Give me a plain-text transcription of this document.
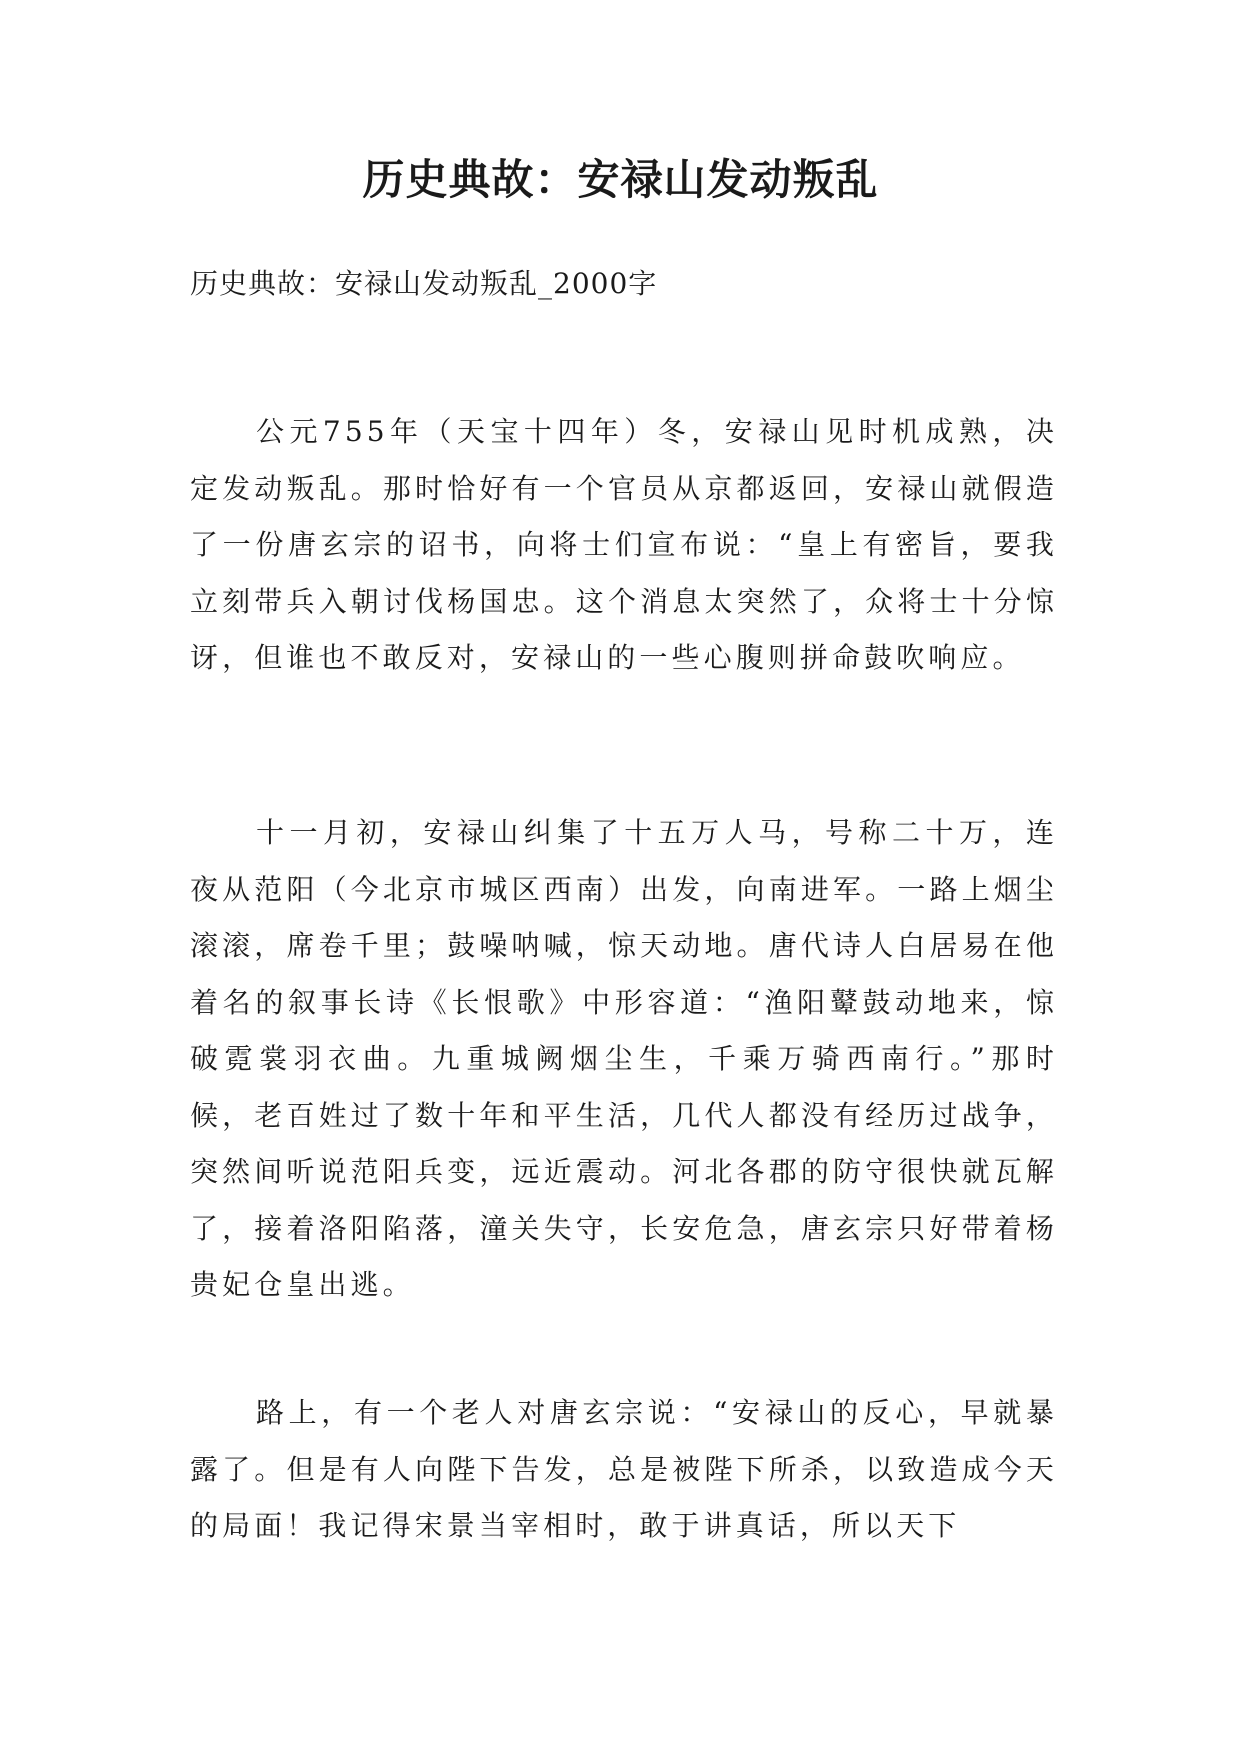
历史典故：安禄山发动叛乱

历史典故：安禄山发动叛乱_2000字

公元755年（天宝十四年）冬，安禄山见时机成熟，决定发动叛乱。那时恰好有一个官员从京都返回，安禄山就假造了一份唐玄宗的诏书，向将士们宣布说：“皇上有密旨，要我立刻带兵入朝讨伐杨国忠。这个消息太突然了，众将士十分惊讶，但谁也不敢反对，安禄山的一些心腹则拼命鼓吹响应。

十一月初，安禄山纠集了十五万人马，号称二十万，连夜从范阳（今北京市城区西南）出发，向南进军。一路上烟尘滚滚，席卷千里；鼓噪呐喊，惊天动地。唐代诗人白居易在他着名的叙事长诗《长恨歌》中形容道：“渔阳鼙鼓动地来，惊破霓裳羽衣曲。九重城阙烟尘生，千乘万骑西南行。”那时候，老百姓过了数十年和平生活，几代人都没有经历过战争，突然间听说范阳兵变，远近震动。河北各郡的防守很快就瓦解了，接着洛阳陷落，潼关失守，长安危急，唐玄宗只好带着杨贵妃仓皇出逃。

路上，有一个老人对唐玄宗说：“安禄山的反心，早就暴露了。但是有人向陛下告发，总是被陛下所杀，以致造成今天的局面！我记得宋景当宰相时，敢于讲真话，所以天下
